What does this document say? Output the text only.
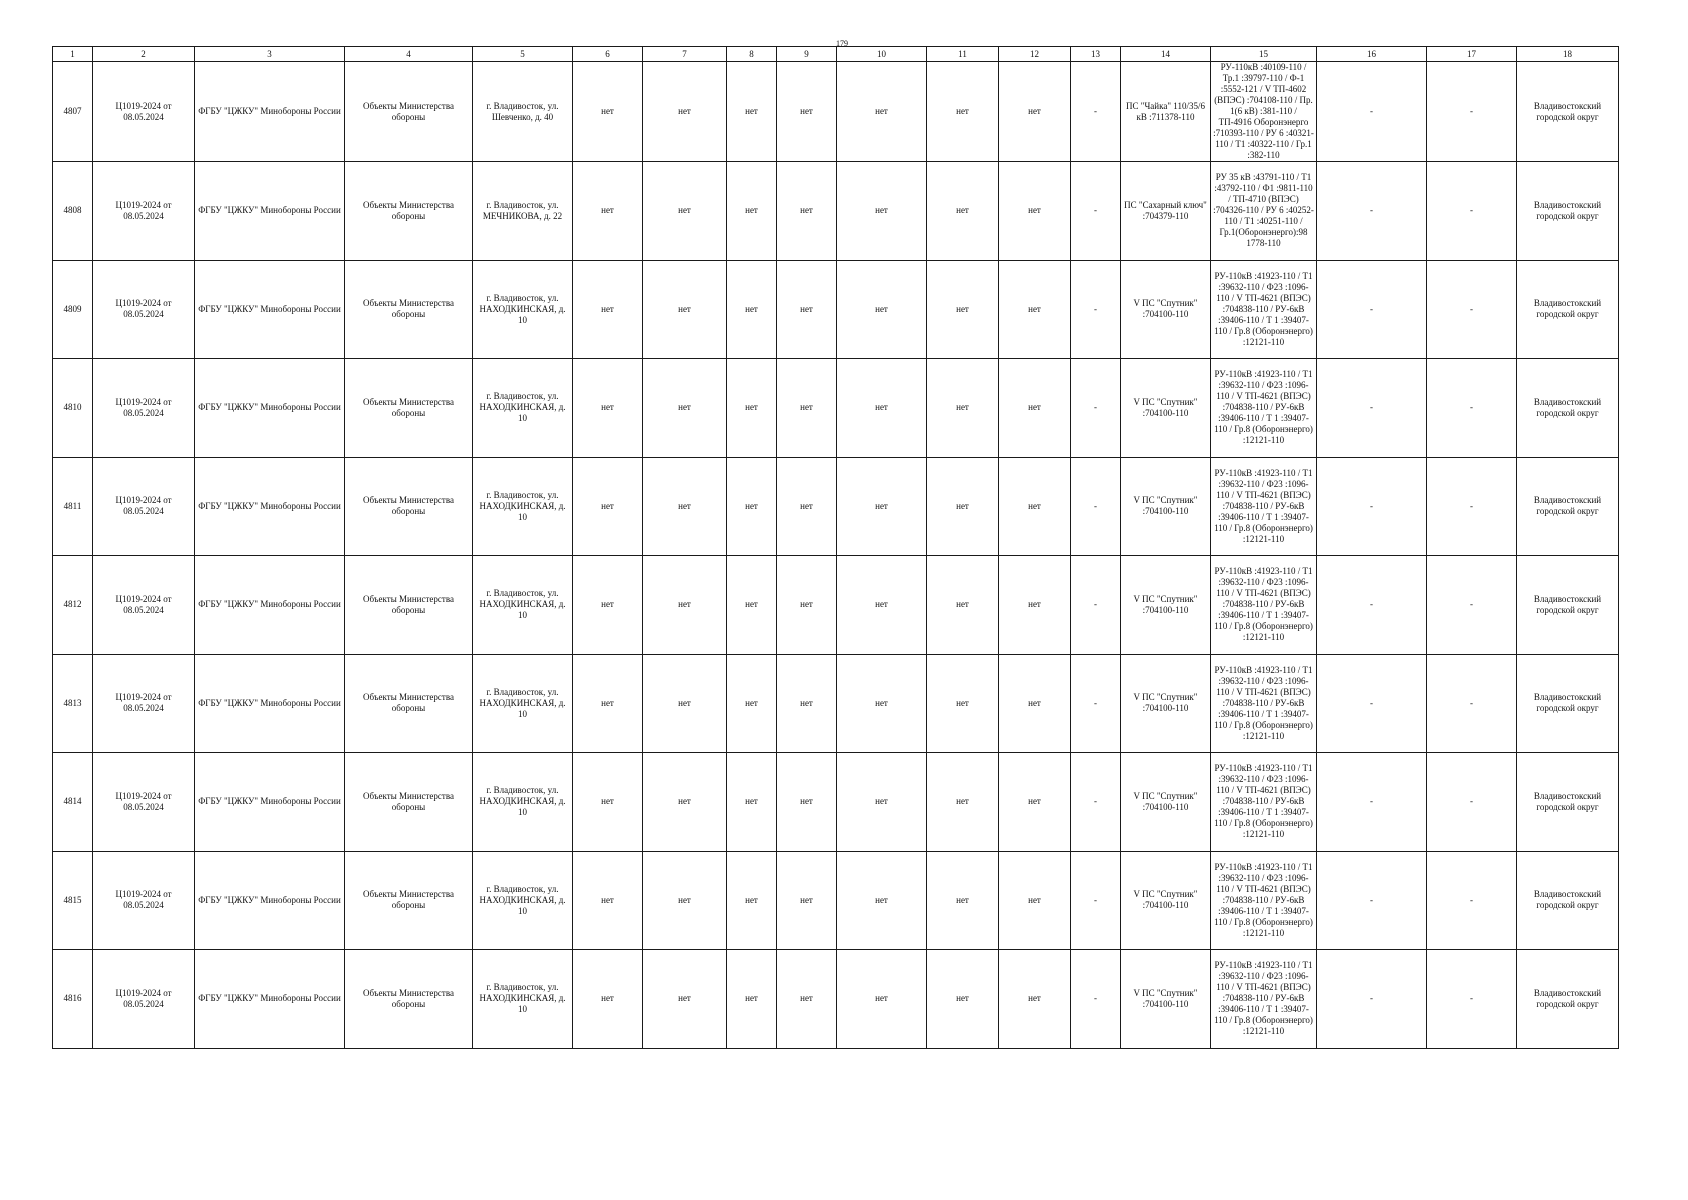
179
1	2	3	4	5	6	7	8	9	10	11	12	13	14	15	16	17	18
4807	Ц1019-2024 от 08.05.2024	ФГБУ "ЦЖКУ" Минобороны России	Объекты Министерства обороны	г. Владивосток, ул. Шевченко, д. 40	нет	нет	нет	нет	нет	нет	нет	-	ПС "Чайка" 110/35/6 кВ :711378-110	РУ-110кВ :40109-110 / Тр.1 :39797-110 / Ф-1 :5552-121 / V ТП-4602 (ВПЭС) :704108-110 / Пр. 1(6 кВ) :381-110 / ТП-4916 Оборонэнерго :710393-110 / РУ 6 :40321-110 / Т1 :40322-110 / Гр.1 :382-110	-	-	Владивостокский городской округ
4808	Ц1019-2024 от 08.05.2024	ФГБУ "ЦЖКУ" Минобороны России	Объекты Министерства обороны	г. Владивосток, ул. МЕЧНИКОВА, д. 22	нет	нет	нет	нет	нет	нет	нет	-	ПС "Сахарный ключ" :704379-110	РУ 35 кВ :43791-110 / Т1 :43792-110 / Ф1 :9811-110 / ТП-4710 (ВПЭС) :704326-110 / РУ 6 :40252-110 / Т1 :40251-110 / Гр.1(Оборонэнерго):98 1778-110	-	-	Владивостокский городской округ
4809	Ц1019-2024 от 08.05.2024	ФГБУ "ЦЖКУ" Минобороны России	Объекты Министерства обороны	г. Владивосток, ул. НАХОДКИНСКАЯ, д. 10	нет	нет	нет	нет	нет	нет	нет	-	V ПС "Спутник" :704100-110	РУ-110кВ :41923-110 / Т1 :39632-110 / Ф23 :1096-110 / V ТП-4621 (ВПЭС) :704838-110 / РУ-6кВ :39406-110 / Т 1 :39407-110 / Гр.8 (Оборонэнерго) :12121-110	-	-	Владивостокский городской округ
4810	Ц1019-2024 от 08.05.2024	ФГБУ "ЦЖКУ" Минобороны России	Объекты Министерства обороны	г. Владивосток, ул. НАХОДКИНСКАЯ, д. 10	нет	нет	нет	нет	нет	нет	нет	-	V ПС "Спутник" :704100-110	РУ-110кВ :41923-110 / Т1 :39632-110 / Ф23 :1096-110 / V ТП-4621 (ВПЭС) :704838-110 / РУ-6кВ :39406-110 / Т 1 :39407-110 / Гр.8 (Оборонэнерго) :12121-110	-	-	Владивостокский городской округ
4811	Ц1019-2024 от 08.05.2024	ФГБУ "ЦЖКУ" Минобороны России	Объекты Министерства обороны	г. Владивосток, ул. НАХОДКИНСКАЯ, д. 10	нет	нет	нет	нет	нет	нет	нет	-	V ПС "Спутник" :704100-110	РУ-110кВ :41923-110 / Т1 :39632-110 / Ф23 :1096-110 / V ТП-4621 (ВПЭС) :704838-110 / РУ-6кВ :39406-110 / Т 1 :39407-110 / Гр.8 (Оборонэнерго) :12121-110	-	-	Владивостокский городской округ
4812	Ц1019-2024 от 08.05.2024	ФГБУ "ЦЖКУ" Минобороны России	Объекты Министерства обороны	г. Владивосток, ул. НАХОДКИНСКАЯ, д. 10	нет	нет	нет	нет	нет	нет	нет	-	V ПС "Спутник" :704100-110	РУ-110кВ :41923-110 / Т1 :39632-110 / Ф23 :1096-110 / V ТП-4621 (ВПЭС) :704838-110 / РУ-6кВ :39406-110 / Т 1 :39407-110 / Гр.8 (Оборонэнерго) :12121-110	-	-	Владивостокский городской округ
4813	Ц1019-2024 от 08.05.2024	ФГБУ "ЦЖКУ" Минобороны России	Объекты Министерства обороны	г. Владивосток, ул. НАХОДКИНСКАЯ, д. 10	нет	нет	нет	нет	нет	нет	нет	-	V ПС "Спутник" :704100-110	РУ-110кВ :41923-110 / Т1 :39632-110 / Ф23 :1096-110 / V ТП-4621 (ВПЭС) :704838-110 / РУ-6кВ :39406-110 / Т 1 :39407-110 / Гр.8 (Оборонэнерго) :12121-110	-	-	Владивостокский городской округ
4814	Ц1019-2024 от 08.05.2024	ФГБУ "ЦЖКУ" Минобороны России	Объекты Министерства обороны	г. Владивосток, ул. НАХОДКИНСКАЯ, д. 10	нет	нет	нет	нет	нет	нет	нет	-	V ПС "Спутник" :704100-110	РУ-110кВ :41923-110 / Т1 :39632-110 / Ф23 :1096-110 / V ТП-4621 (ВПЭС) :704838-110 / РУ-6кВ :39406-110 / Т 1 :39407-110 / Гр.8 (Оборонэнерго) :12121-110	-	-	Владивостокский городской округ
4815	Ц1019-2024 от 08.05.2024	ФГБУ "ЦЖКУ" Минобороны России	Объекты Министерства обороны	г. Владивосток, ул. НАХОДКИНСКАЯ, д. 10	нет	нет	нет	нет	нет	нет	нет	-	V ПС "Спутник" :704100-110	РУ-110кВ :41923-110 / Т1 :39632-110 / Ф23 :1096-110 / V ТП-4621 (ВПЭС) :704838-110 / РУ-6кВ :39406-110 / Т 1 :39407-110 / Гр.8 (Оборонэнерго) :12121-110	-	-	Владивостокский городской округ
4816	Ц1019-2024 от 08.05.2024	ФГБУ "ЦЖКУ" Минобороны России	Объекты Министерства обороны	г. Владивосток, ул. НАХОДКИНСКАЯ, д. 10	нет	нет	нет	нет	нет	нет	нет	-	V ПС "Спутник" :704100-110	РУ-110кВ :41923-110 / Т1 :39632-110 / Ф23 :1096-110 / V ТП-4621 (ВПЭС) :704838-110 / РУ-6кВ :39406-110 / Т 1 :39407-110 / Гр.8 (Оборонэнерго) :12121-110	-	-	Владивостокский городской округ
